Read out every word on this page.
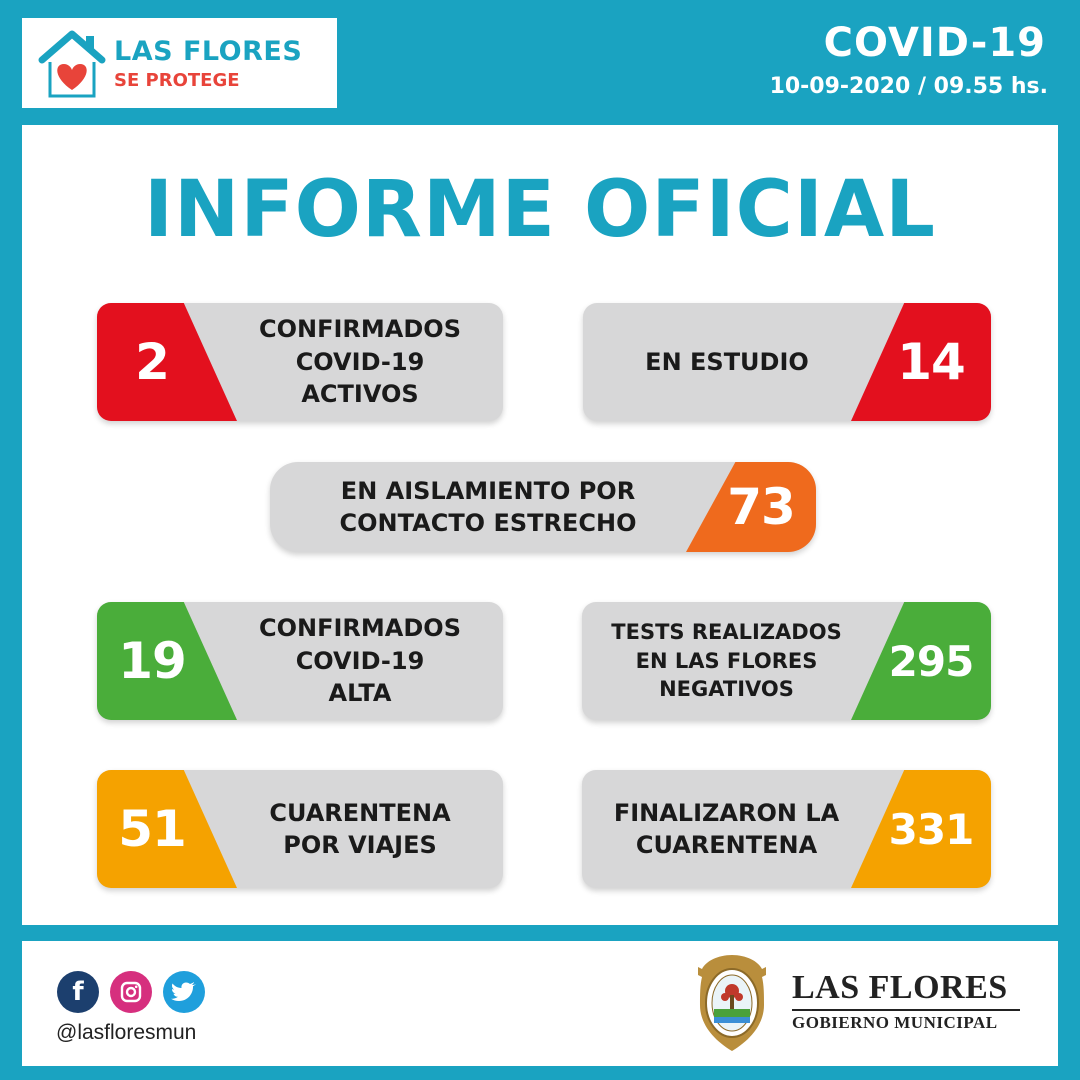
LAS FLORES
SE PROTEGE
COVID-19
10-09-2020 / 09.55 hs.
INFORME OFICIAL
2
CONFIRMADOS
COVID-19
ACTIVOS
14
EN ESTUDIO
73
EN AISLAMIENTO POR
CONTACTO ESTRECHO
19
CONFIRMADOS
COVID-19
ALTA
295
TESTS REALIZADOS
EN LAS FLORES
NEGATIVOS
51	CUARENTENA
POR VIAJES	331
FINALIZARON LA
CUARENTENA
f
@lasfloresmun
LAS FLORES
GOBIERNO MUNICIPAL
